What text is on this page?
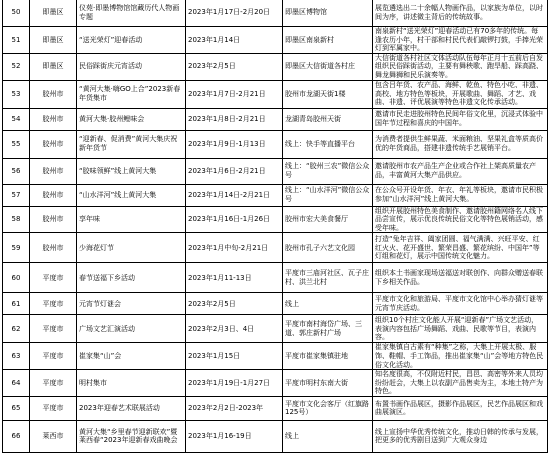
50	即墨区	仪苑·即墨博物馆馆藏历代人物画专题	2023年1月17日-2月20日	即墨区博物馆	展览遴选出二十余幅人物画作品，以家族为单位，以时间为序，讲述微主背后的传统故事。
51	即墨区	“送光荣灯”迎春活动	2023年1月14日	即墨区南泉新村	南泉新村“送光荣灯”迎春活动已有70多年的传统。每逢农历小年，村干部和村民代表们敲锣打鼓，手捧光荣灯到军属家中。
52	即墨区	民俗踩街庆元宵活动	2023年2月5日	即墨区大信街道各村庄	大信街道各村社区文体活动队伍每年正月十五前后自发组织民俗踩街活动，主要有舞秧歌、跑旱船、踩高跷、舞龙舞狮和民乐演奏等。
53	胶州市	“黄河大集·嗨GO上合”2023新春年货集市	2023年1月7日-2月21日	胶州市龙湖天街1楼	包含吕年货、农产品、海鲜、乾鱼、特色小吃、非遗、高校、地方特色等板块，开展歌曲、舞蹈、才艺、戏曲、非遗、评优展演等特色非遗文化传承活动。
54	胶州市	黄河大集·胶州鲤味会	2023年1月8日-2月21日	龙湖青岛胶州天街	邀请市民走进胶州特色民间年俗文化里，沉浸式体验中国年节过程和喜庆的中国年。
55	胶州市	“迎新春、促消费”黄河大集庆祝新年货节	2023年1月9日-1月13日	线上：快手等直播平台	为消费者提供生鲜果蔬、米面粮油、坚果礼盒等质高价优的年货商品，搭建非遗传统手艺展销平台。
56	胶州市	“胶味领鲜”线上黄河大集	2023年1月6日-2月21日	线上：“胶州三农”微信公众号	邀请胶州市农产品生产企业或合作社上架高质量农产品，丰富黄河大集产品供应。
57	胶州市	“山水洋河”线上黄河大集	2023年1月14日-2月21日	线上：“山水洋河”微信公众号	在公众号开设年货、年衣、年礼等板块，邀请市民积极参加“山水洋河”线上黄河大集。
58	胶州市	享年味	2023年1月16日-1月26日	胶州市宏大美食餐厅	组织开展胶州特色美食制作、邀请胶州籍网络名人线下品尝宣传，展示优良传统民俗文化等特色展销活动，感受年味。
59	胶州市	少海花灯节	2023年1月中旬-2月21日	胶州市孔子六艺文化园	打造“兔年吉祥、阖家团圆、福气满满、兴旺平安、红红火火、花开盛世、繁荣昌盛、繁花缤纷、中国年”等灯组和花灯，展示中国传统文化魅力。
60	平度市	春节送福下乡活动	2023年1月11-13日	平度市三庙河社区、瓦子庄村、洪兰北村	组织本土书画家现场送福送对联创作、向群众赠送春联下乡相关作品。
61	平度市	元宵节灯谜会	2023年2月5日	线上	平度市文化和旅游局、平度市文化馆中心举办猜灯谜等元宵节庆活动。
62	平度市	广场文艺汇演活动	2023年2月3日、4日	平度市南村海岱广场、三道、郭庄新村广场	组织10个村庄文化能人开展“迎新春”广场文艺活动，表演内容包括广场舞蹈、戏曲、民歌等节目，表演内容。
63	平度市	崔家集“山”会	2023年1月15日	平度市崔家集镇驻地	崔家集镇自古素有“种集”之称，大集上开展太极、服饰、鞋帽、手工饰品，推出崔家集“山”会等地方特色民俗文化活动。
64	平度市	明村集市	2023年1月19日-1月27日	平度市明村东南大街	知名度很高，不仅附近村民，昌邑、高密等外来人员均纷纷赶会，大集上以农副产品售卖为主，本地土特产为特色。
65	平度市	2023年迎春艺术联展活动	2023年2月2日-2023年	平度市文化会客厅（红旗路125号）	布置书画作品展区，摄影作品展区，民艺作品展区和戏曲展演区。
66	莱西市	黄河大集“乡里春节迎新联欢”暨莱西春“2023年迎新春戏曲晚会	2023年1月16-19日	线上	线上宣扬中华优秀传统文化，推动日韩的传承与发展，把更多的优秀剧目送到广大观众身边
